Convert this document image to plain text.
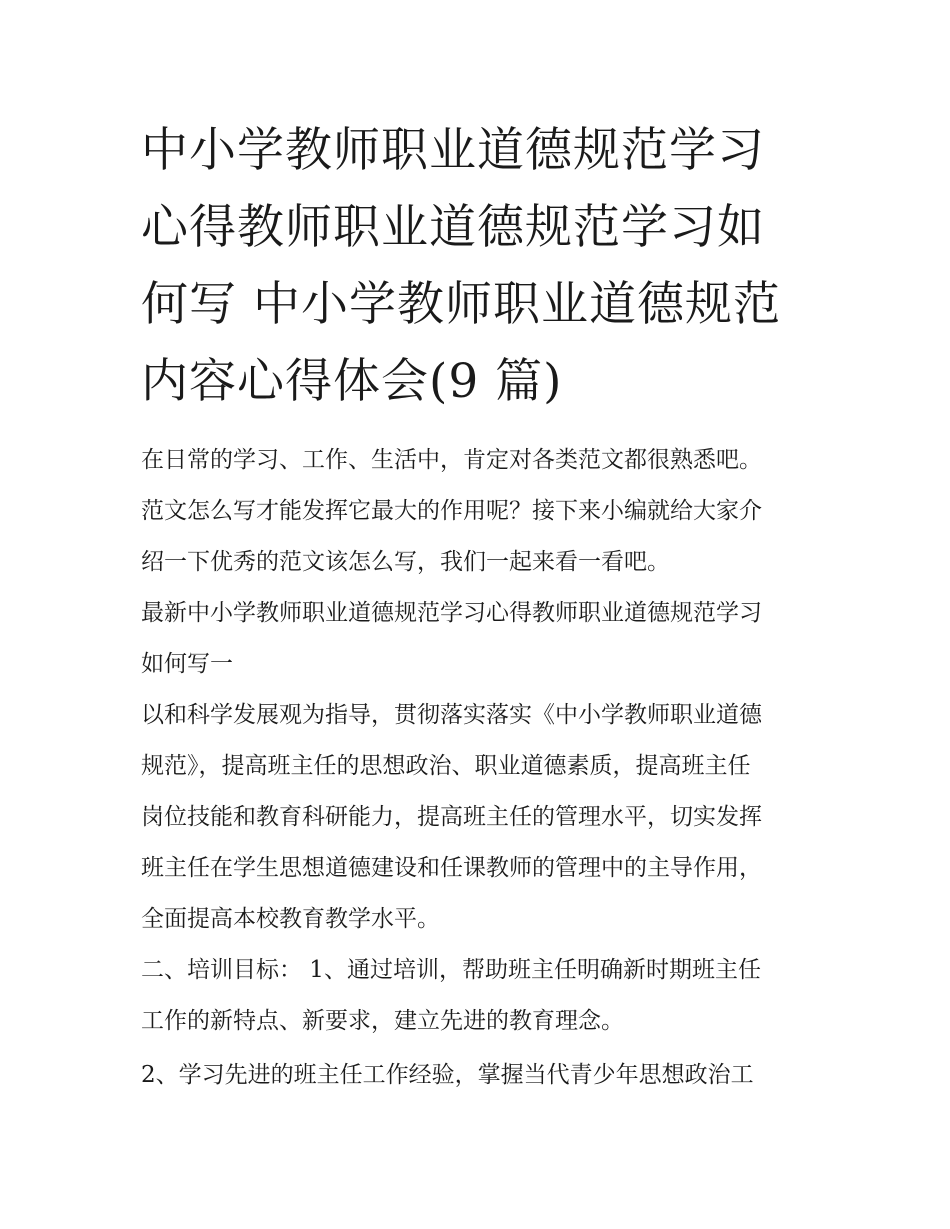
中小学教师职业道德规范学习
心得教师职业道德规范学习如
何写 中小学教师职业道德规范
内容心得体会(9 篇)
在日常的学习、工作、生活中，肯定对各类范文都很熟悉吧。
范文怎么写才能发挥它最大的作用呢？接下来小编就给大家介
绍一下优秀的范文该怎么写，我们一起来看一看吧。
最新中小学教师职业道德规范学习心得教师职业道德规范学习
如何写一
以和科学发展观为指导，贯彻落实落实《中小学教师职业道德
规范》，提高班主任的思想政治、职业道德素质，提高班主任
岗位技能和教育科研能力，提高班主任的管理水平，切实发挥
班主任在学生思想道德建设和任课教师的管理中的主导作用，
全面提高本校教育教学水平。
二、培训目标： 1、通过培训，帮助班主任明确新时期班主任
工作的新特点、新要求，建立先进的教育理念。
2、学习先进的班主任工作经验，掌握当代青少年思想政治工
